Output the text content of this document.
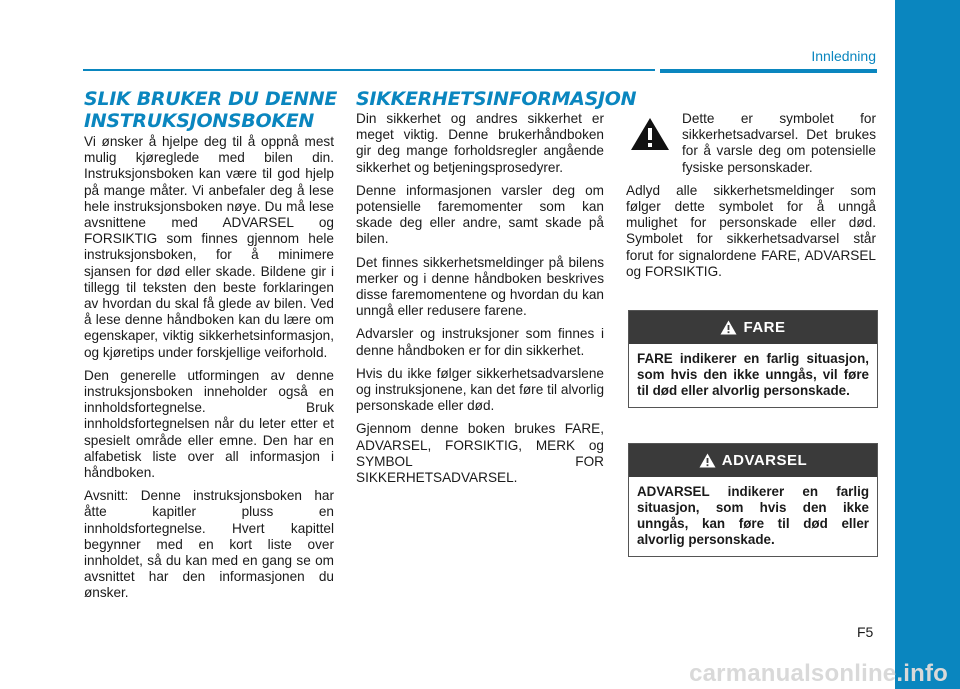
Innledning
SLIK BRUKER DU DENNE INSTRUKSJONSBOKEN

Vi ønsker å hjelpe deg til å oppnå mest mulig kjøreglede med bilen din. Instruksjonsboken kan være til god hjelp på mange måter. Vi anbefaler deg å lese hele instruksjonsboken nøye. Du må lese avsnittene med ADVARSEL og FORSIKTIG som finnes gjennom hele instruksjonsboken, for å minimere sjansen for død eller skade. Bildene gir i tillegg til teksten den beste forklaringen av hvordan du skal få glede av bilen. Ved å lese denne håndboken kan du lære om egenskaper, viktig sikkerhetsinformasjon, og kjøretips under forskjellige veiforhold.

Den generelle utformingen av denne instruksjonsboken inneholder også en innholdsfortegnelse. Bruk innholdsfortegnelsen når du leter etter et spesielt område eller emne. Den har en alfabetisk liste over all informasjon i håndboken.

Avsnitt: Denne instruksjonsboken har åtte kapitler pluss en innholdsfortegnelse. Hvert kapittel begynner med en kort liste over innholdet, så du kan med en gang se om avsnittet har den informasjonen du ønsker.

SIKKERHETSINFORMASJON

Din sikkerhet og andres sikkerhet er meget viktig. Denne brukerhåndboken gir deg mange forholdsregler angående sikkerhet og betjeningsprosedyrer.

Denne informasjonen varsler deg om potensielle faremomenter som kan skade deg eller andre, samt skade på bilen.

Det finnes sikkerhetsmeldinger på bilens merker og i denne håndboken beskrives disse faremomentene og hvordan du kan unngå eller redusere farene.

Advarsler og instruksjoner som finnes i denne håndboken er for din sikkerhet.

Hvis du ikke følger sikkerhetsadvarslene og instruksjonene, kan det føre til alvorlig personskade eller død.

Gjennom denne boken brukes FARE, ADVARSEL, FORSIKTIG, MERK og SYMBOL FOR SIKKERHETSADVARSEL.

Dette er symbolet for sikkerhetsadvarsel. Det brukes for å varsle deg om potensielle fysiske personskader.

Adlyd alle sikkerhetsmeldinger som følger dette symbolet for å unngå mulighet for personskade eller død. Symbolet for sikkerhetsadvarsel står forut for signalordene FARE, ADVARSEL og FORSIKTIG.

FARE
FARE indikerer en farlig situasjon, som hvis den ikke unngås, vil føre til død eller alvorlig personskade.
ADVARSEL
ADVARSEL indikerer en farlig situasjon, som hvis den ikke unngås, kan føre til død eller alvorlig personskade.
F5
carmanualsonline.info
